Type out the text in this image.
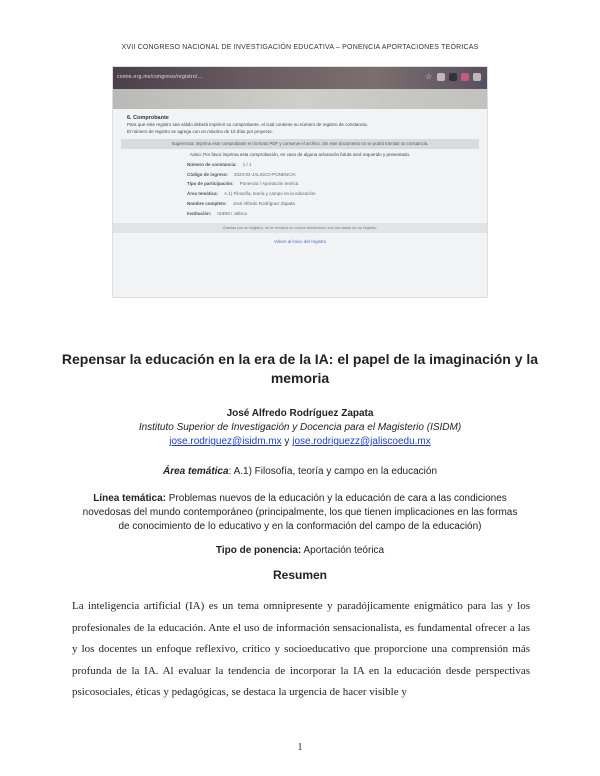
XVII CONGRESO NACIONAL DE INVESTIGACIÓN EDUCATIVA – PONENCIA APORTACIONES TEÓRICAS
comie.org.mx/congreso/registro/...	☆
6. Comprobante
Para que este registro sea válido deberá imprimir su comprobante, el cual contiene su número de registro de constancia.
El número de registro se agrega con un máximo de 10 días por proyecto.
Sugerencia: imprima este comprobante en formato PDF y conserve el archivo. Sin este documento no se podrá tramitar su constancia.
Aviso: Por favor imprima esta comprobación, en caso de alguna aclaración fututa será requerido y presentado.
Número de constancia: 1 / 1
Código de ingreso: 2023-02-JALISCO-PONENCIA
Tipo de participación: Ponencia / Aportación teórica
Área temática: A.1) Filosofía, teoría y campo en la educación
Nombre completo: José Alfredo Rodríguez Zapata
Institución: ISIDM / Jalisco
Gracias por su registro, se le enviará un correo electrónico con los datos de su registro.
Volver al inicio del registro
Repensar la educación en la era de la IA: el papel de la imaginación y la memoria
José Alfredo Rodríguez Zapata
Instituto Superior de Investigación y Docencia para el Magisterio (ISIDM)
jose.rodriguez@isidm.mx y jose.rodriguezz@jaliscoedu.mx
Área temática: A.1) Filosofía, teoría y campo en la educación
Línea temática: Problemas nuevos de la educación y la educación de cara a las condiciones novedosas del mundo contemporáneo (principalmente, los que tienen implicaciones en las formas de conocimiento de lo educativo y en la conformación del campo de la educación)
Tipo de ponencia: Aportación teórica
Resumen
La inteligencia artificial (IA) es un tema omnipresente y paradójicamente enigmático para las y los profesionales de la educación. Ante el uso de información sensacionalista, es fundamental ofrecer a las y los docentes un enfoque reflexivo, crítico y socioeducativo que proporcione una comprensión más profunda de la IA. Al evaluar la tendencia de incorporar la IA en la educación desde perspectivas psicosociales, éticas y pedagógicas, se destaca la urgencia de hacer visible y
1
